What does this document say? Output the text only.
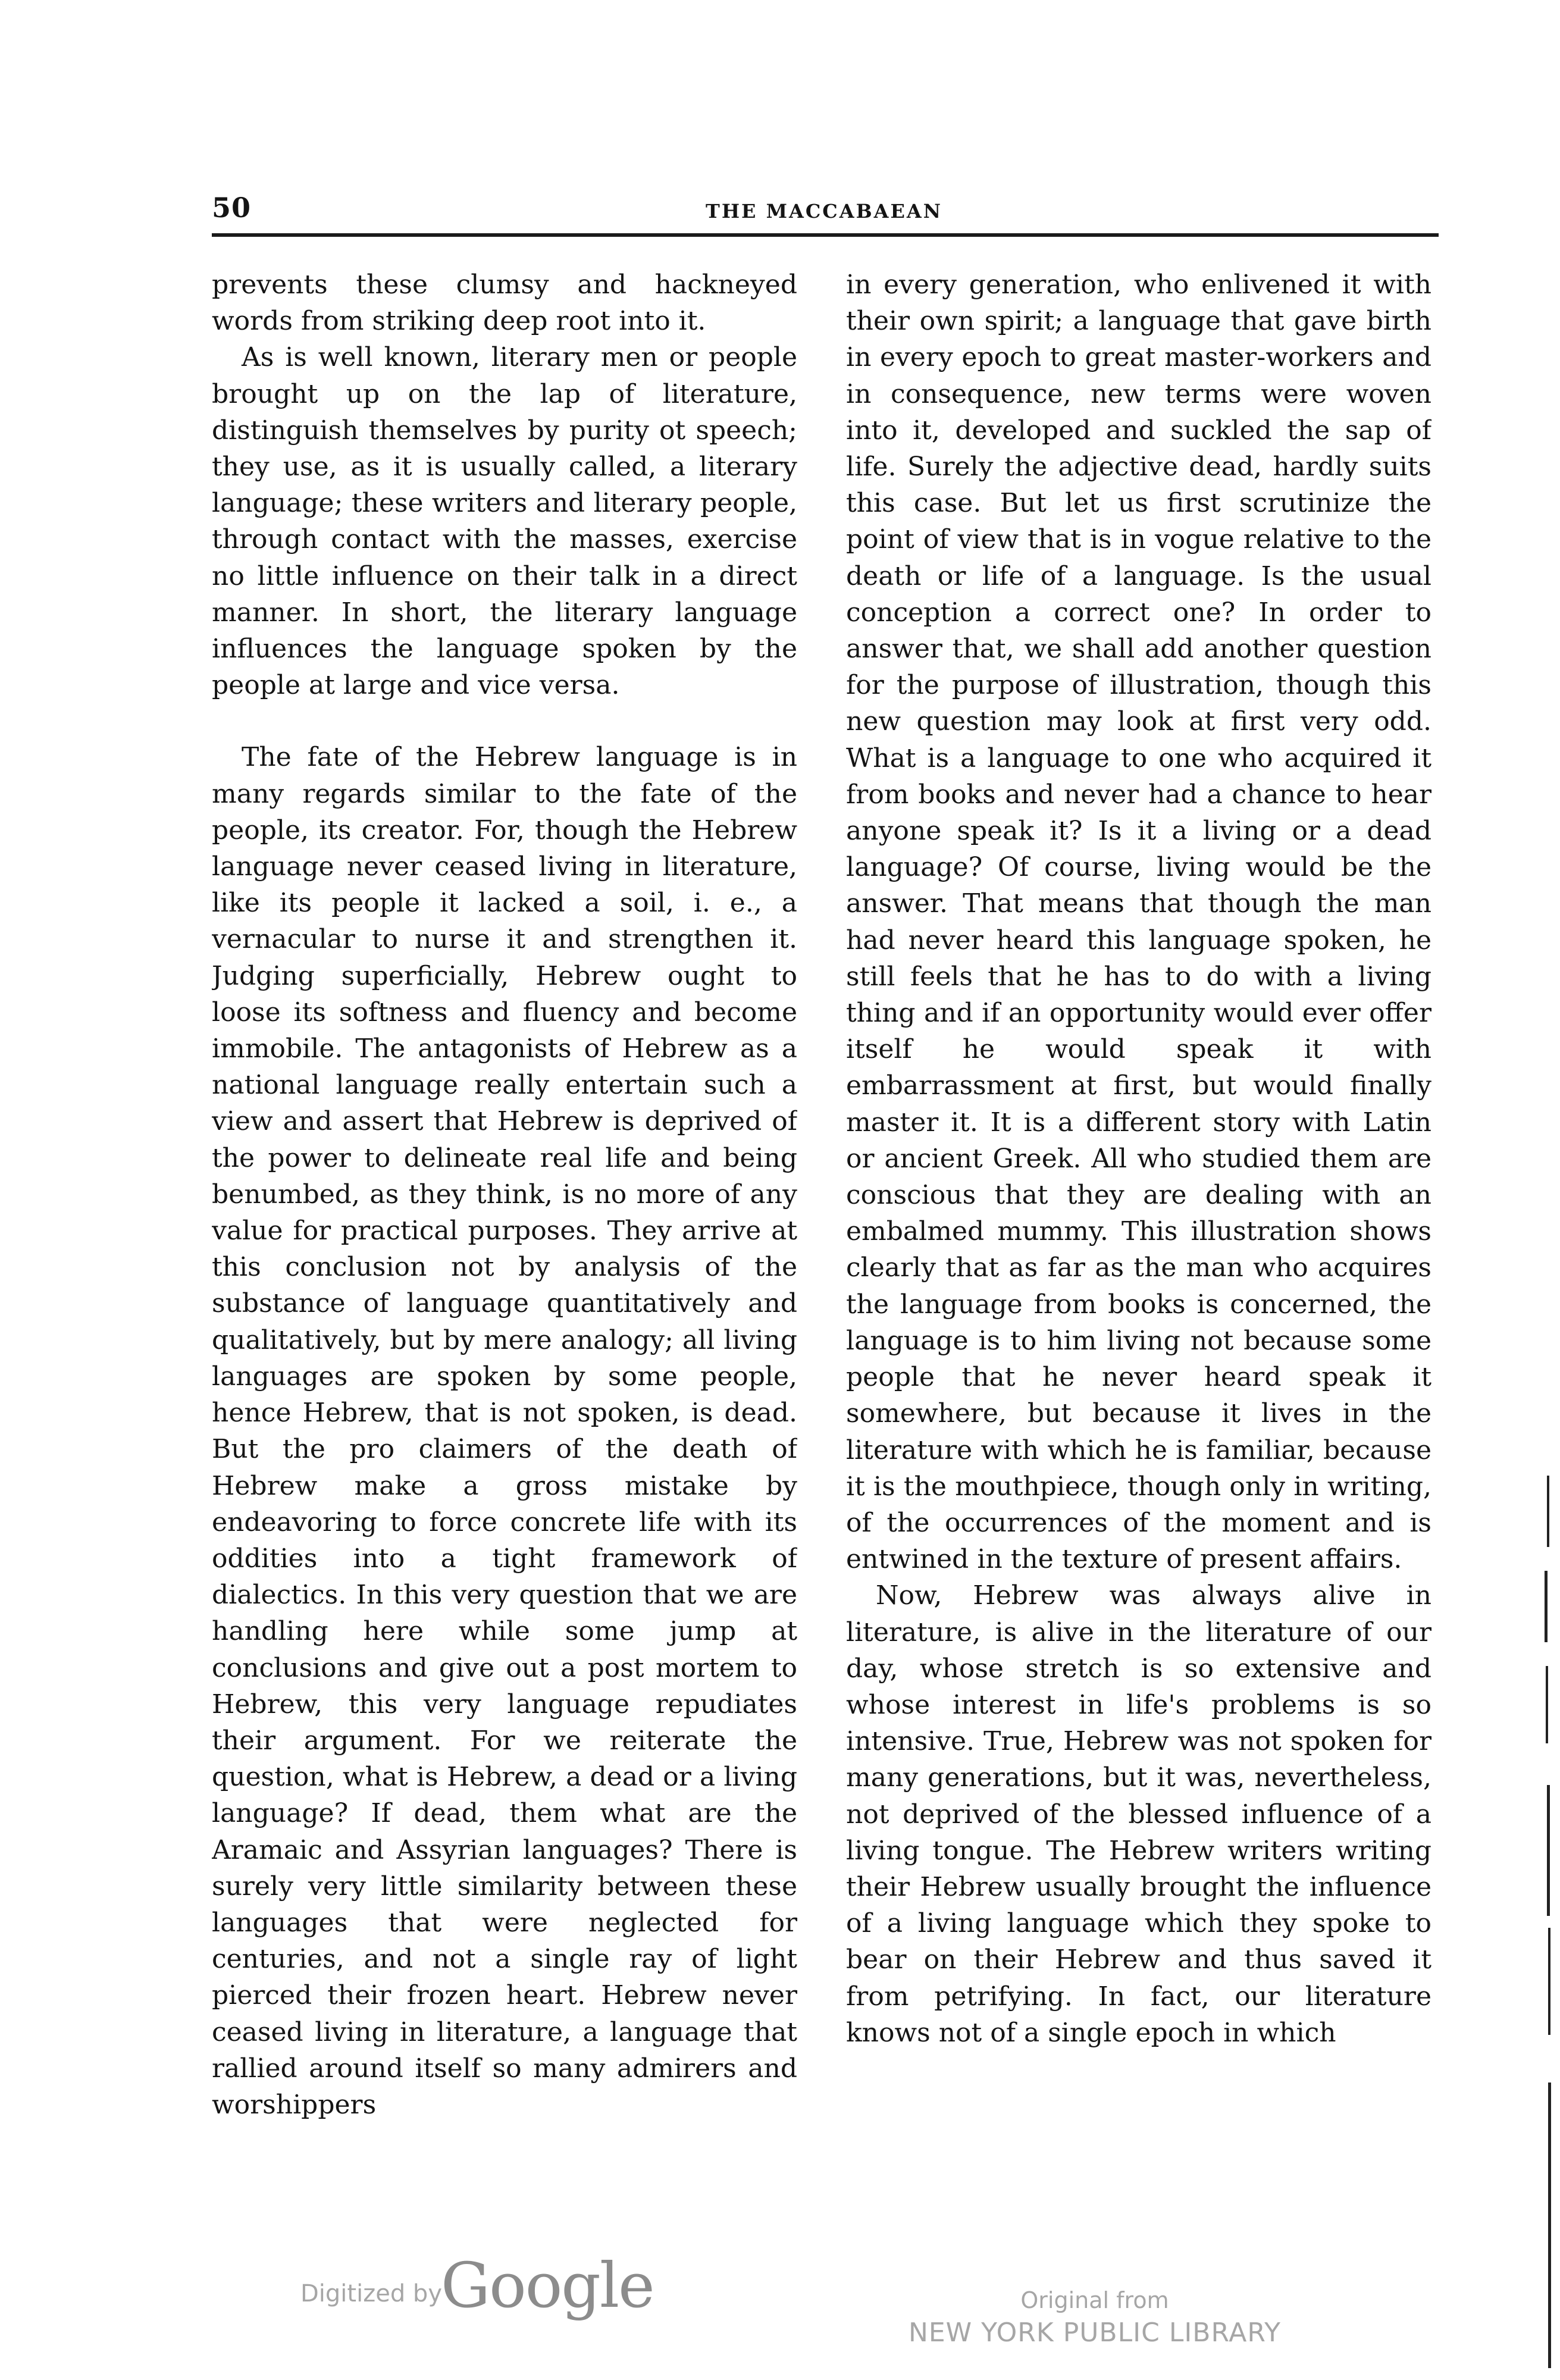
50	THE MACCABAEAN

prevents these clumsy and hackneyed words from striking deep root into it.

As is well known, literary men or people brought up on the lap of literature, distinguish themselves by purity ot speech; they use, as it is usually called, a literary language; these writers and literary people, through contact with the masses, exercise no little influence on their talk in a direct manner. In short, the literary language influences the language spoken by the people at large and vice versa.

The fate of the Hebrew language is in many regards similar to the fate of the people, its creator. For, though the Hebrew language never ceased living in literature, like its people it lacked a soil, i. e., a vernacular to nurse it and strengthen it. Judging superficially, Hebrew ought to loose its softness and fluency and become immobile. The antagonists of Hebrew as a national language really entertain such a view and assert that Hebrew is deprived of the power to delineate real life and being benumbed, as they think, is no more of any value for practical purposes. They arrive at this conclusion not by analysis of the substance of language quantitatively and qualitatively, but by mere analogy; all living languages are spoken by some people, hence Hebrew, that is not spoken, is dead. But the pro claimers of the death of Hebrew make a gross mistake by endeavoring to force concrete life with its oddities into a tight framework of dialectics. In this very question that we are handling here while some jump at conclusions and give out a post mortem to Hebrew, this very language repudiates their argument. For we reiterate the question, what is Hebrew, a dead or a living language? If dead, them what are the Aramaic and Assyrian languages? There is surely very little similarity between these languages that were neglected for centuries, and not a single ray of light pierced their frozen heart. Hebrew never ceased living in literature, a language that rallied around itself so many admirers and worshippers

in every generation, who enlivened it with their own spirit; a language that gave birth in every epoch to great master-workers and in consequence, new terms were woven into it, developed and suckled the sap of life. Surely the adjective dead, hardly suits this case. But let us first scrutinize the point of view that is in vogue relative to the death or life of a language. Is the usual conception a correct one? In order to answer that, we shall add another question for the purpose of illustration, though this new question may look at first very odd. What is a language to one who acquired it from books and never had a chance to hear anyone speak it? Is it a living or a dead language? Of course, living would be the answer. That means that though the man had never heard this language spoken, he still feels that he has to do with a living thing and if an opportunity would ever offer itself he would speak it with embarrassment at first, but would finally master it. It is a different story with Latin or ancient Greek. All who studied them are conscious that they are dealing with an embalmed mummy. This illustration shows clearly that as far as the man who acquires the language from books is concerned, the language is to him living not because some people that he never heard speak it somewhere, but because it lives in the literature with which he is familiar, because it is the mouthpiece, though only in writing, of the occurrences of the moment and is entwined in the texture of present affairs.

Now, Hebrew was always alive in literature, is alive in the literature of our day, whose stretch is so extensive and whose interest in life's problems is so intensive. True, Hebrew was not spoken for many generations, but it was, nevertheless, not deprived of the blessed influence of a living tongue. The Hebrew writers writing their Hebrew usually brought the influence of a living language which they spoke to bear on their Hebrew and thus saved it from petrifying. In fact, our literature knows not of a single epoch in which

Digitized by
Google	Original from
NEW YORK PUBLIC LIBRARY
